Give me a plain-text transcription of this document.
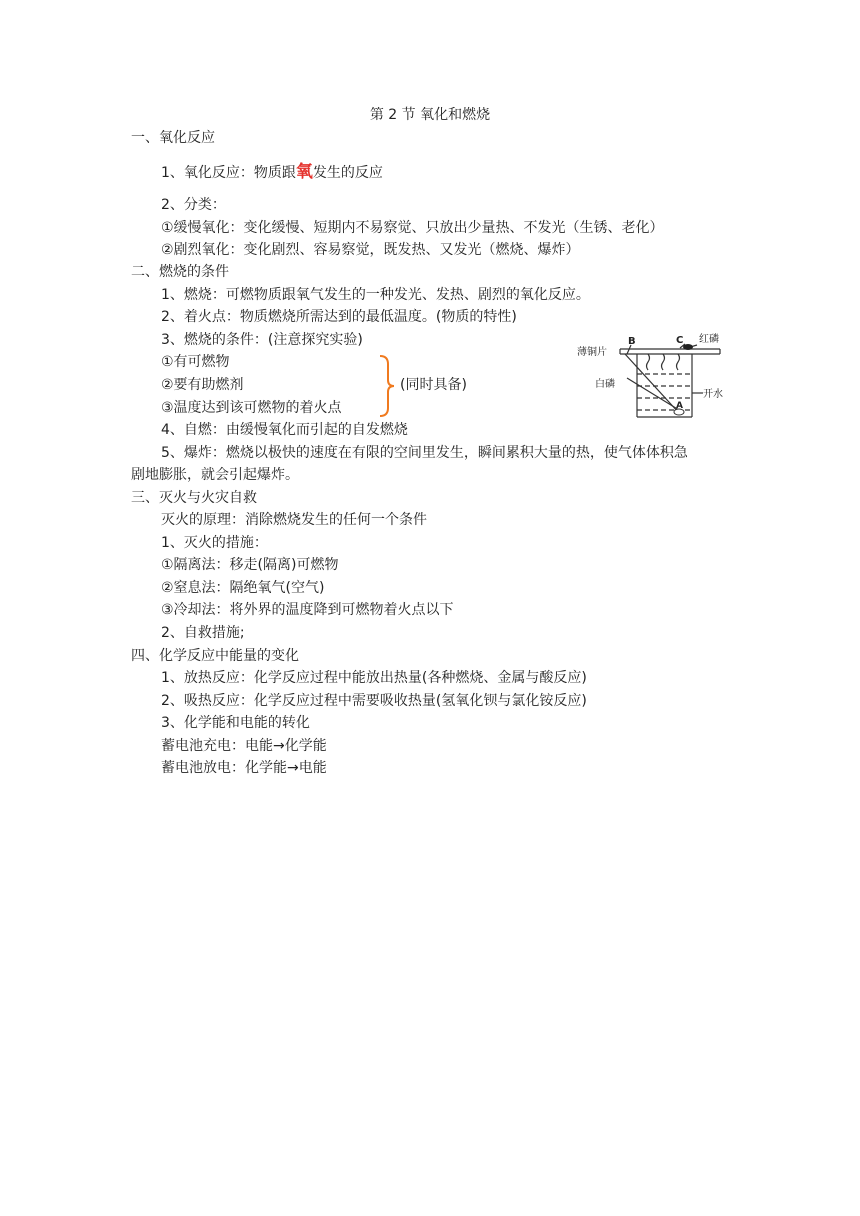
第 2 节 氧化和燃烧
一、氧化反应
1、氧化反应：物质跟氧发生的反应
2、分类：
①缓慢氧化：变化缓慢、短期内不易察觉、只放出少量热、不发光（生锈、老化）
②剧烈氧化：变化剧烈、容易察觉，既发热、又发光（燃烧、爆炸）
二、燃烧的条件
1、燃烧：可燃物质跟氧气发生的一种发光、发热、剧烈的氧化反应。
2、着火点：物质燃烧所需达到的最低温度。(物质的特性)
3、燃烧的条件：(注意探究实验)
①有可燃物
②要有助燃剂
③温度达到该可燃物的着火点
(同时具备)
B	C
A
薄铜片
红磷
白磷
开水
4、自燃：由缓慢氧化而引起的自发燃烧
5、爆炸：燃烧以极快的速度在有限的空间里发生，瞬间累积大量的热，使气体体积急
剧地膨胀，就会引起爆炸。
三、灭火与火灾自救
灭火的原理：消除燃烧发生的任何一个条件
1、灭火的措施：
①隔离法：移走(隔离)可燃物
②窒息法：隔绝氧气(空气)
③冷却法：将外界的温度降到可燃物着火点以下
2、自救措施;
四、化学反应中能量的变化
1、放热反应：化学反应过程中能放出热量(各种燃烧、金属与酸反应)
2、吸热反应：化学反应过程中需要吸收热量(氢氧化钡与氯化铵反应)
3、化学能和电能的转化
蓄电池充电：电能→化学能
蓄电池放电：化学能→电能
